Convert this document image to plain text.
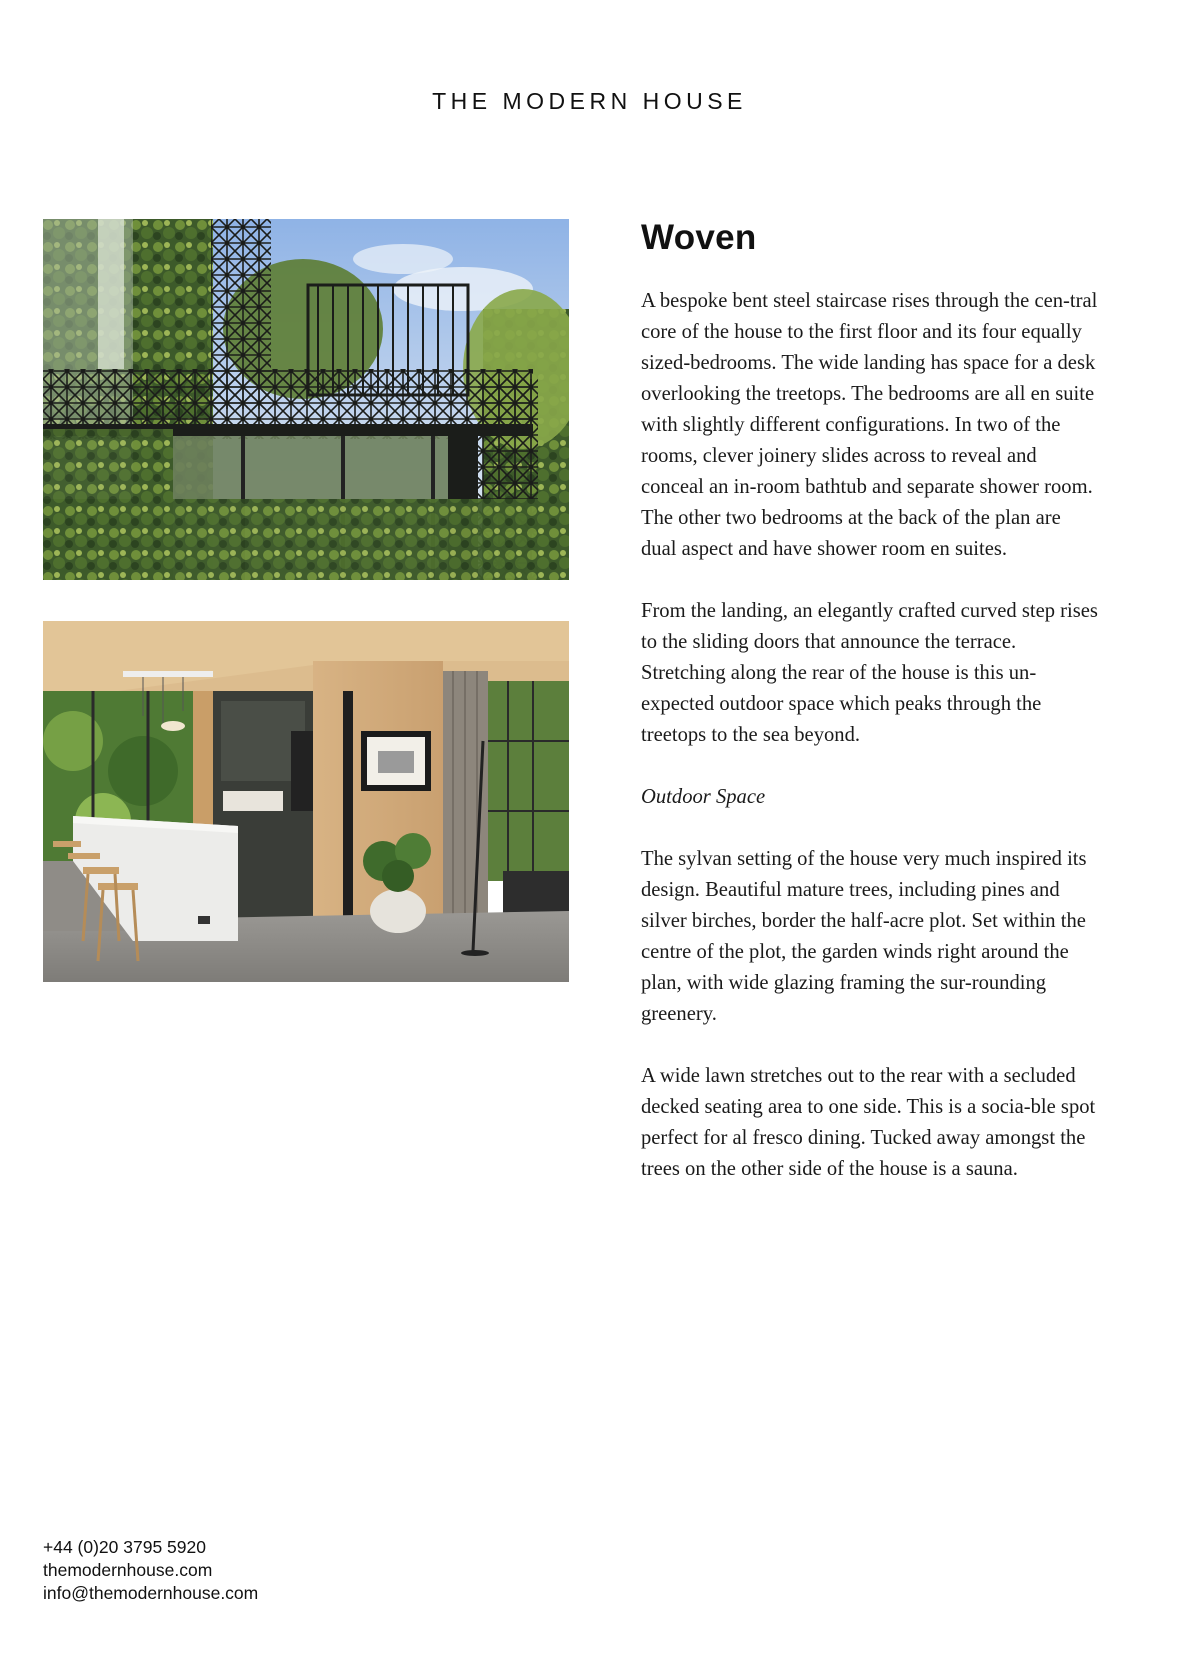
THE MODERN HOUSE
Woven

A bespoke bent steel staircase rises through the cen-tral core of the house to the first floor and its four equally sized-bedrooms. The wide landing has space for a desk overlooking the treetops. The bedrooms are all en suite with slightly different configurations. In two of the rooms, clever joinery slides across to reveal and conceal an in-room bathtub and separate shower room. The other two bedrooms at the back of the plan are dual aspect and have shower room en suites.

From the landing, an elegantly crafted curved step rises to the sliding doors that announce the terrace. Stretching along the rear of the house is this un-expected outdoor space which peaks through the treetops to the sea beyond.

Outdoor Space

The sylvan setting of the house very much inspired its design. Beautiful mature trees, including pines and silver birches, border the half-acre plot. Set within the centre of the plot, the garden winds right around the plan, with wide glazing framing the sur-rounding greenery.

A wide lawn stretches out to the rear with a secluded decked seating area to one side. This is a socia-ble spot perfect for al fresco dining. Tucked away amongst the trees on the other side of the house is a sauna.

+44 (0)20 3795 5920
themodernhouse.com
info@themodernhouse.com
